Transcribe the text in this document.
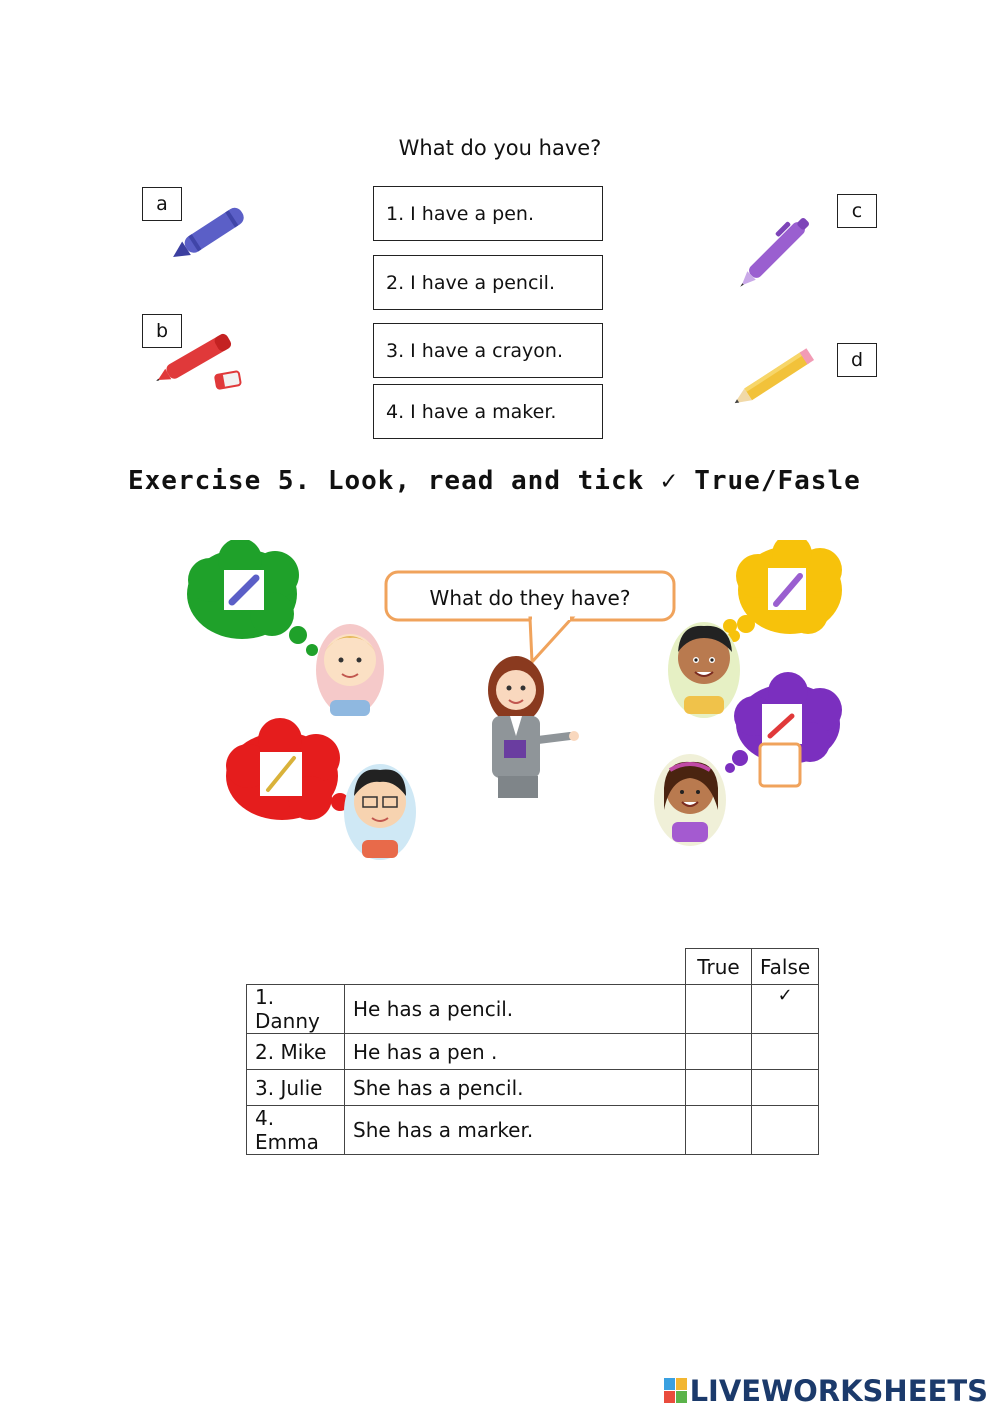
What do you have?
a
b
c
d
1. I have a pen.
2. I have a pencil.
3. I have a crayon.
4. I have a maker.
Exercise 5. Look, read and tick ✓ True/Fasle
What do they have?
		True	False
1. Danny	He has a pencil.		✓
2. Mike	He has a pen .		
3. Julie	She has a pencil.		
4. Emma	She has a marker.		
LIVEWORKSHEETS
